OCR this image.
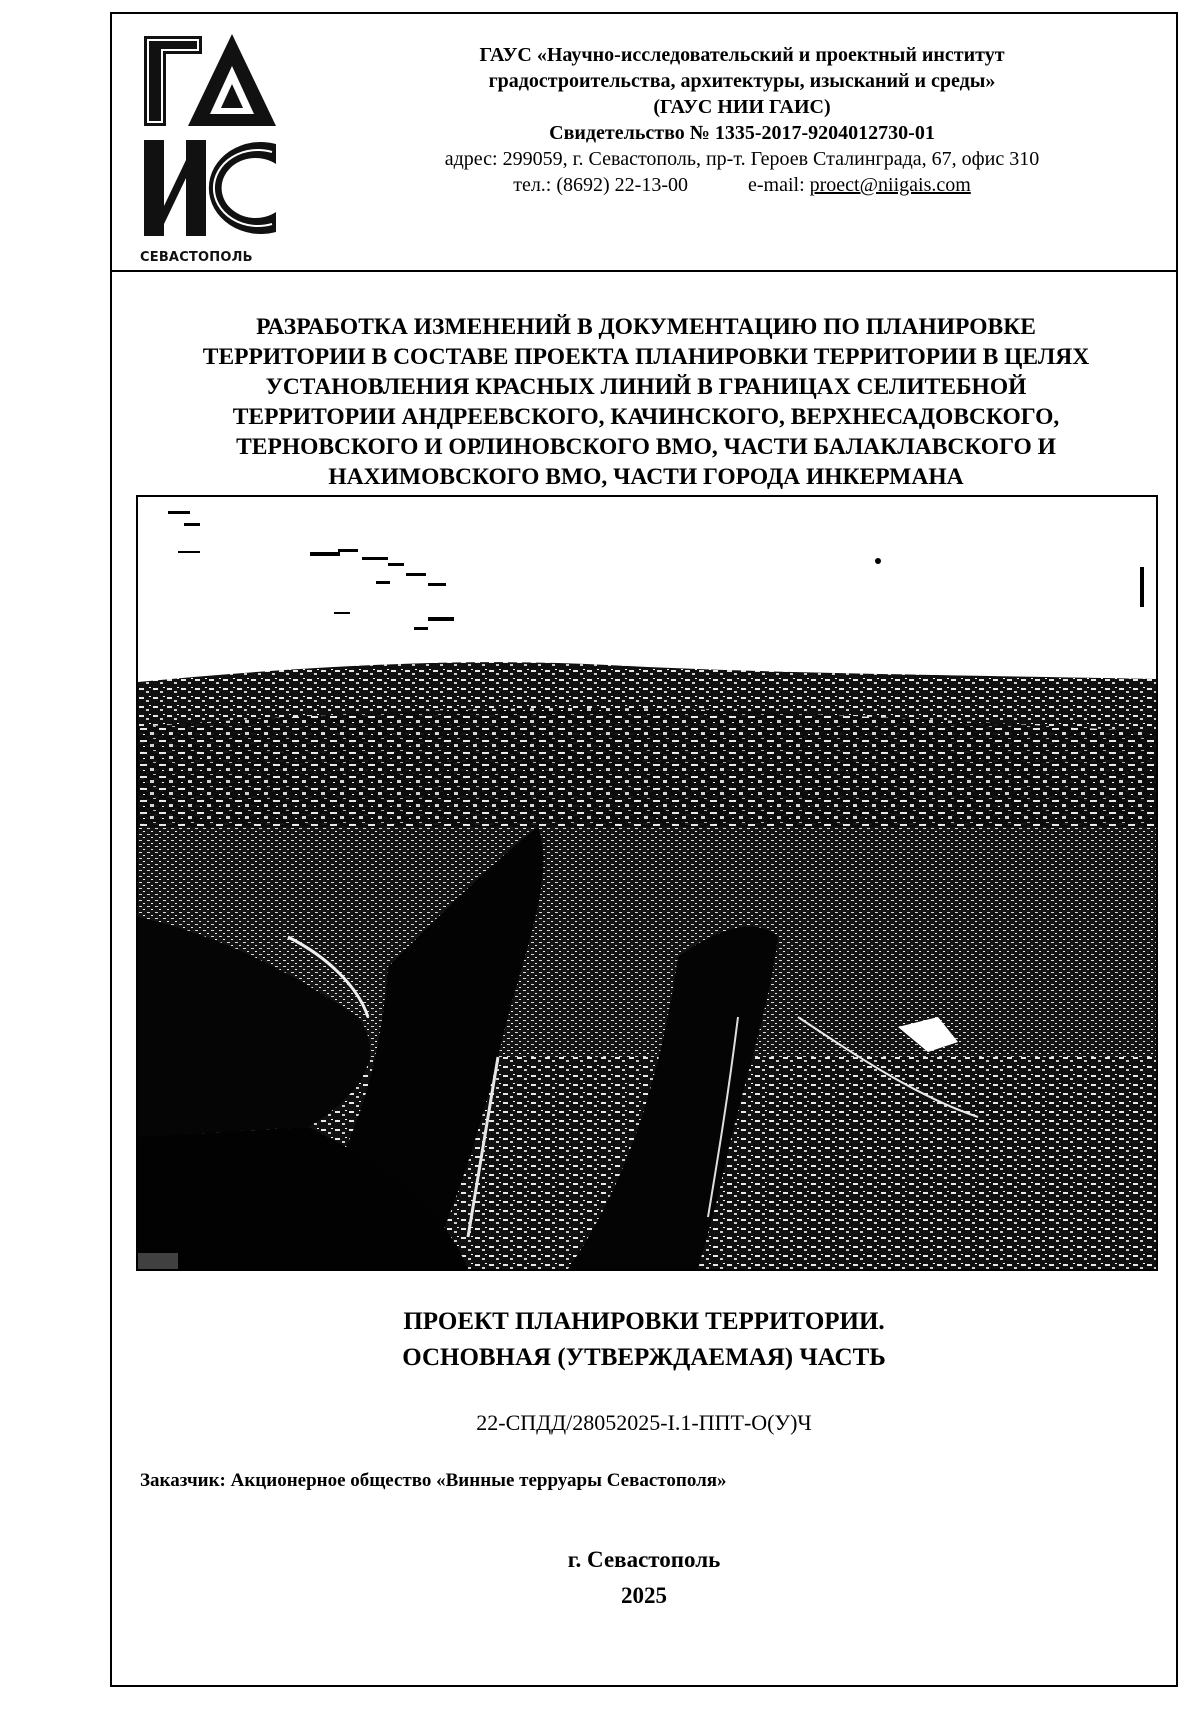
СЕВАСТОПОЛЬ
ГАУС «Научно-исследовательский и проектный институт
градостроительства, архитектуры, изысканий и среды»
(ГАУС НИИ ГАИС)
Свидетельство № 1335-2017-9204012730-01
адрес: 299059, г. Севастополь, пр-т. Героев Сталинграда, 67, офис 310
тел.: (8692) 22-13-00	e-mail: proect@niigais.com
РАЗРАБОТКА ИЗМЕНЕНИЙ В ДОКУМЕНТАЦИЮ ПО ПЛАНИРОВКЕ
ТЕРРИТОРИИ В СОСТАВЕ ПРОЕКТА ПЛАНИРОВКИ ТЕРРИТОРИИ В ЦЕЛЯХ
УСТАНОВЛЕНИЯ КРАСНЫХ ЛИНИЙ В ГРАНИЦАХ СЕЛИТЕБНОЙ
ТЕРРИТОРИИ АНДРЕЕВСКОГО, КАЧИНСКОГО, ВЕРХНЕСАДОВСКОГО,
ТЕРНОВСКОГО И ОРЛИНОВСКОГО ВМО, ЧАСТИ БАЛАКЛАВСКОГО И
НАХИМОВСКОГО ВМО, ЧАСТИ ГОРОДА ИНКЕРМАНА
ПРОЕКТ ПЛАНИРОВКИ ТЕРРИТОРИИ.
ОСНОВНАЯ (УТВЕРЖДАЕМАЯ) ЧАСТЬ
22-СПДД/28052025-I.1-ППТ-О(У)Ч
Заказчик: Акционерное общество «Винные терруары Севастополя»
г. Севастополь
2025
